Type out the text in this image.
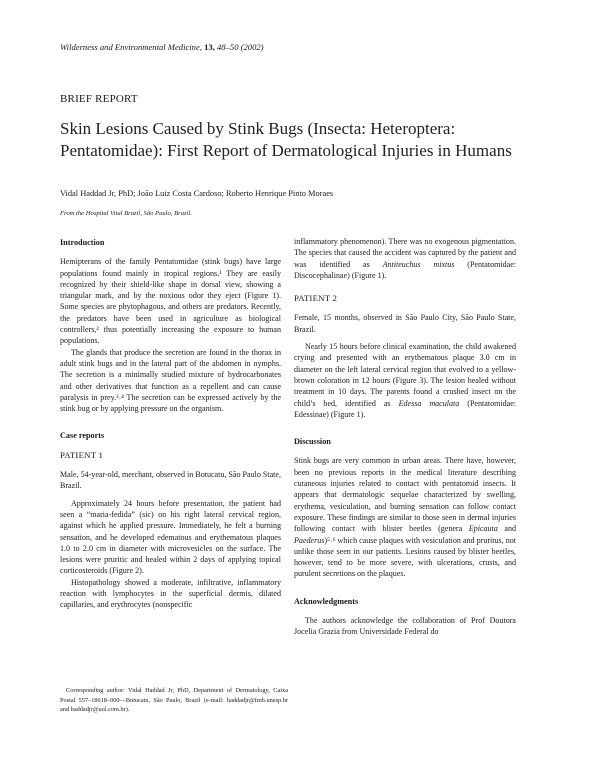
Wilderness and Environmental Medicine, 13, 48–50 (2002)
BRIEF REPORT
Skin Lesions Caused by Stink Bugs (Insecta: Heteroptera: Pentatomidae): First Report of Dermatological Injuries in Humans
Vidal Haddad Jr, PhD; João Luiz Costa Cardoso; Roberto Henrique Pinto Moraes
From the Hospital Vital Brazil, São Paulo, Brazil.
Introduction

Hemipterans of the family Pentatomidae (stink bugs) have large populations found mainly in tropical regions.¹ They are easily recognized by their shield-like shape in dorsal view, showing a triangular mark, and by the noxious odor they eject (Figure 1). Some species are phytophagous, and others are predators. Recently, the predators have been used in agriculture as biological controllers,² thus potentially increasing the exposure to human populations.

The glands that produce the secretion are found in the thorax in adult stink bugs and in the lateral part of the abdomen in nymphs. The secretion is a minimally studied mixture of hydrocarbonates and other derivatives that function as a repellent and can cause paralysis in prey.³˒⁴ The secretion can be expressed actively by the stink bug or by applying pressure on the organism.

Case reports
PATIENT 1

Male, 54-year-old, merchant, observed in Botucatu, São Paulo State, Brazil.

Approximately 24 hours before presentation, the patient had seen a “maria-fedida” (sic) on his right lateral cervical region, against which he applied pressure. Immediately, he felt a burning sensation, and he developed edematous and erythematous plaques 1.0 to 2.0 cm in diameter with microvesicles on the surface. The lesions were pruritic and healed within 2 days of applying topical corticosteroids (Figure 2).

Histopathology showed a moderate, infiltrative, inflammatory reaction with lymphocytes in the superficial dermis, dilated capillaries, and erythrocytes (nonspecific

Corresponding author: Vidal Haddad Jr, PhD, Department of Dermatology, Caixa Postal 557–18618–000—Botucatu, São Paulo, Brazil (e-mail: haddadjr@fmb.unesp.br and haddadjr@uol.com.br).

inflammatory phenomenon). There was no exogenous pigmentation. The species that caused the accident was captured by the patient and was identified as Antiteuchus mixtus (Pentatomidae: Discocephalinae) (Figure 1).

PATIENT 2

Female, 15 months, observed in São Paulo City, São Paulo State, Brazil.

Nearly 15 hours before clinical examination, the child awakened crying and presented with an erythematous plaque 3.0 cm in diameter on the left lateral cervical region that evolved to a yellow-brown coloration in 12 hours (Figure 3). The lesion healed without treatment in 10 days. The parents found a crushed insect on the child’s bed, identified as Edessa maculata (Pentatomidae: Edessinae) (Figure 1).

Discussion

Stink bugs are very common in urban areas. There have, however, been no previous reports in the medical literature describing cutaneous injuries related to contact with pentatomid insects. It appears that dermatologic sequelae characterized by swelling, erythema, vesiculation, and burning sensation can follow contact exposure. These findings are similar to those seen in dermal injuries following contact with blister beetles (genera Epicauta and Paederus)⁵˒⁶ which cause plaques with vesiculation and pruritus, not unlike those seen in our patients. Lesions caused by blister beetles, however, tend to be more severe, with ulcerations, crusts, and purulent secretions on the plaques.

Acknowledgments

The authors acknowledge the collaboration of Prof Doutora Jocelia Grazia from Universidade Federal do
